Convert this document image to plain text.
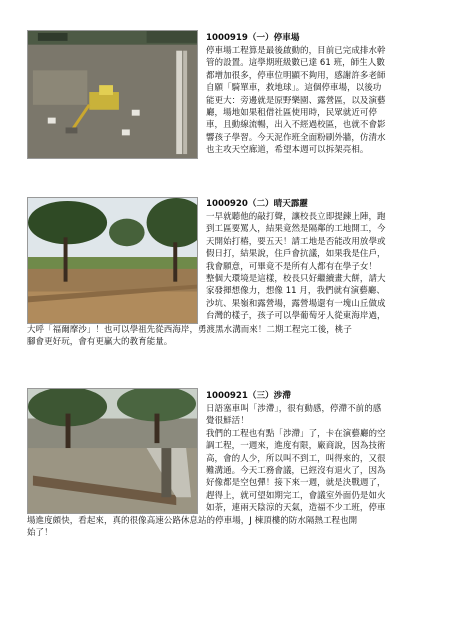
1000919（一）停車場
停車場工程算是最後啟動的，目前已完成排水幹
管的設置。這學期班級數已達 61 班，師生人數
都增加很多，停車位明顯不夠用，感謝許多老師
自願「騎單車，救地球」。這個停車場，以後功
能更大：旁邊就是原野樂園、露營區，以及演藝
廳，場地如果租借社區使用時，民眾就近可停
車，且動線流暢，出入不經過校區，也就不會影
響孩子學習。今天泥作班全面粉刷外牆，仿清水
也主攻天空廊道，希望本週可以拆架亮相。
1000920（二）晴天霹靂
一早就聽他的敲打聲，讓校長立即提鍊上陣，跑
到工區要罵人，結果竟然是隔鄰的工地開工，今
天開始打樁，要五天！請工地是否能改用放學或
假日打，結果說，住戶會抗議，如果我是住戶，
我會願意，可畢竟不是所有人都有在學子女！
整個大環境是這樣，校長只好繼續畫大餅，請大
家發揮想像力，想像 11 月，我們就有演藝廳、
沙坑、果嶺和露營場，露營場還有一塊山丘做成
台灣的樣子，孩子可以學葡萄牙人從東海岸過，
大呼「福爾摩沙」！也可以學祖先從西海岸，勇渡黑水溝而來！二期工程完工後，桃子
腳會更好玩，會有更贏大的教育能量。
1000921（三）涉滯
日語塞車叫「涉滯」，很有動感，停滯不前的感
覺很鮮活！
我們的工程也有點「涉滯」了，卡在演藝廳的空
調工程，一週來，進度有限，廠商說，因為技術
高，會的人少，所以叫不到工，叫得來的，又很
難溝通。今天工務會議，已經沒有退火了，因為
好像都是空包彈！接下來一週，就是決戰週了，
趕得上，就可望如期完工，會議室外面仍是如火
如荼，連兩天陰涼的天氣，造福不少工班，停車
場進度頗快，看起來，真的很像高速公路休息站的停車場，J 棟頂樓的防水隔熱工程也開
始了！
